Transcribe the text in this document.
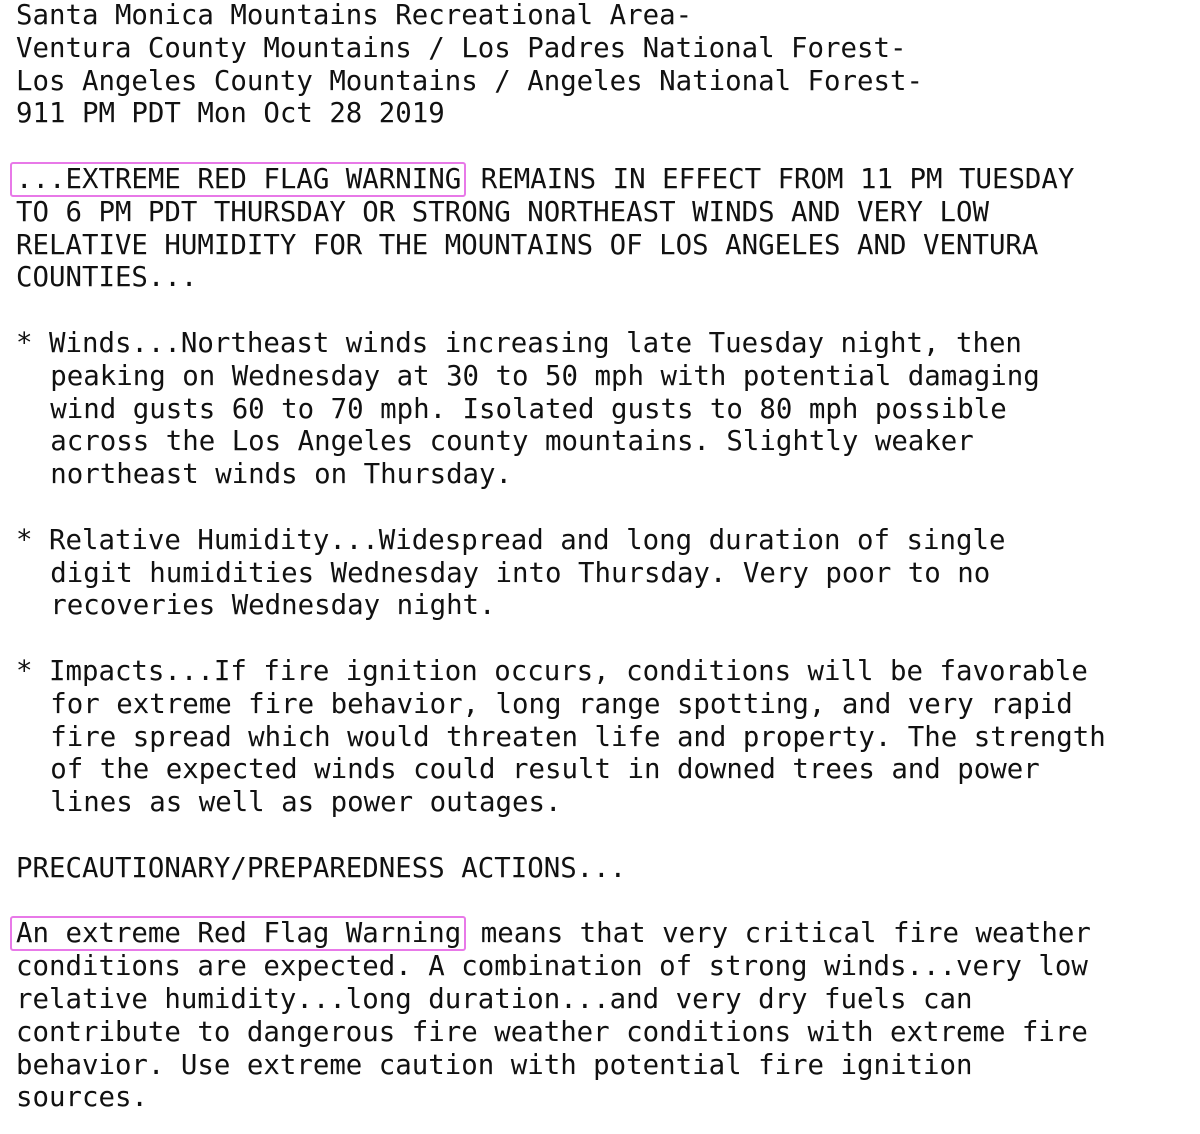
Santa Monica Mountains Recreational Area-
Ventura County Mountains / Los Padres National Forest-
Los Angeles County Mountains / Angeles National Forest-
911 PM PDT Mon Oct 28 2019
...EXTREME RED FLAG WARNING REMAINS IN EFFECT FROM 11 PM TUESDAY
TO 6 PM PDT THURSDAY OR STRONG NORTHEAST WINDS AND VERY LOW
RELATIVE HUMIDITY FOR THE MOUNTAINS OF LOS ANGELES AND VENTURA
COUNTIES...
* Winds...Northeast winds increasing late Tuesday night, then
peaking on Wednesday at 30 to 50 mph with potential damaging
wind gusts 60 to 70 mph. Isolated gusts to 80 mph possible
across the Los Angeles county mountains. Slightly weaker
northeast winds on Thursday.
* Relative Humidity...Widespread and long duration of single
digit humidities Wednesday into Thursday. Very poor to no
recoveries Wednesday night.
* Impacts...If fire ignition occurs, conditions will be favorable
for extreme fire behavior, long range spotting, and very rapid
fire spread which would threaten life and property. The strength
of the expected winds could result in downed trees and power
lines as well as power outages.
PRECAUTIONARY/PREPAREDNESS ACTIONS...
An extreme Red Flag Warning means that very critical fire weather
conditions are expected. A combination of strong winds...very low
relative humidity...long duration...and very dry fuels can
contribute to dangerous fire weather conditions with extreme fire
behavior. Use extreme caution with potential fire ignition
sources.
